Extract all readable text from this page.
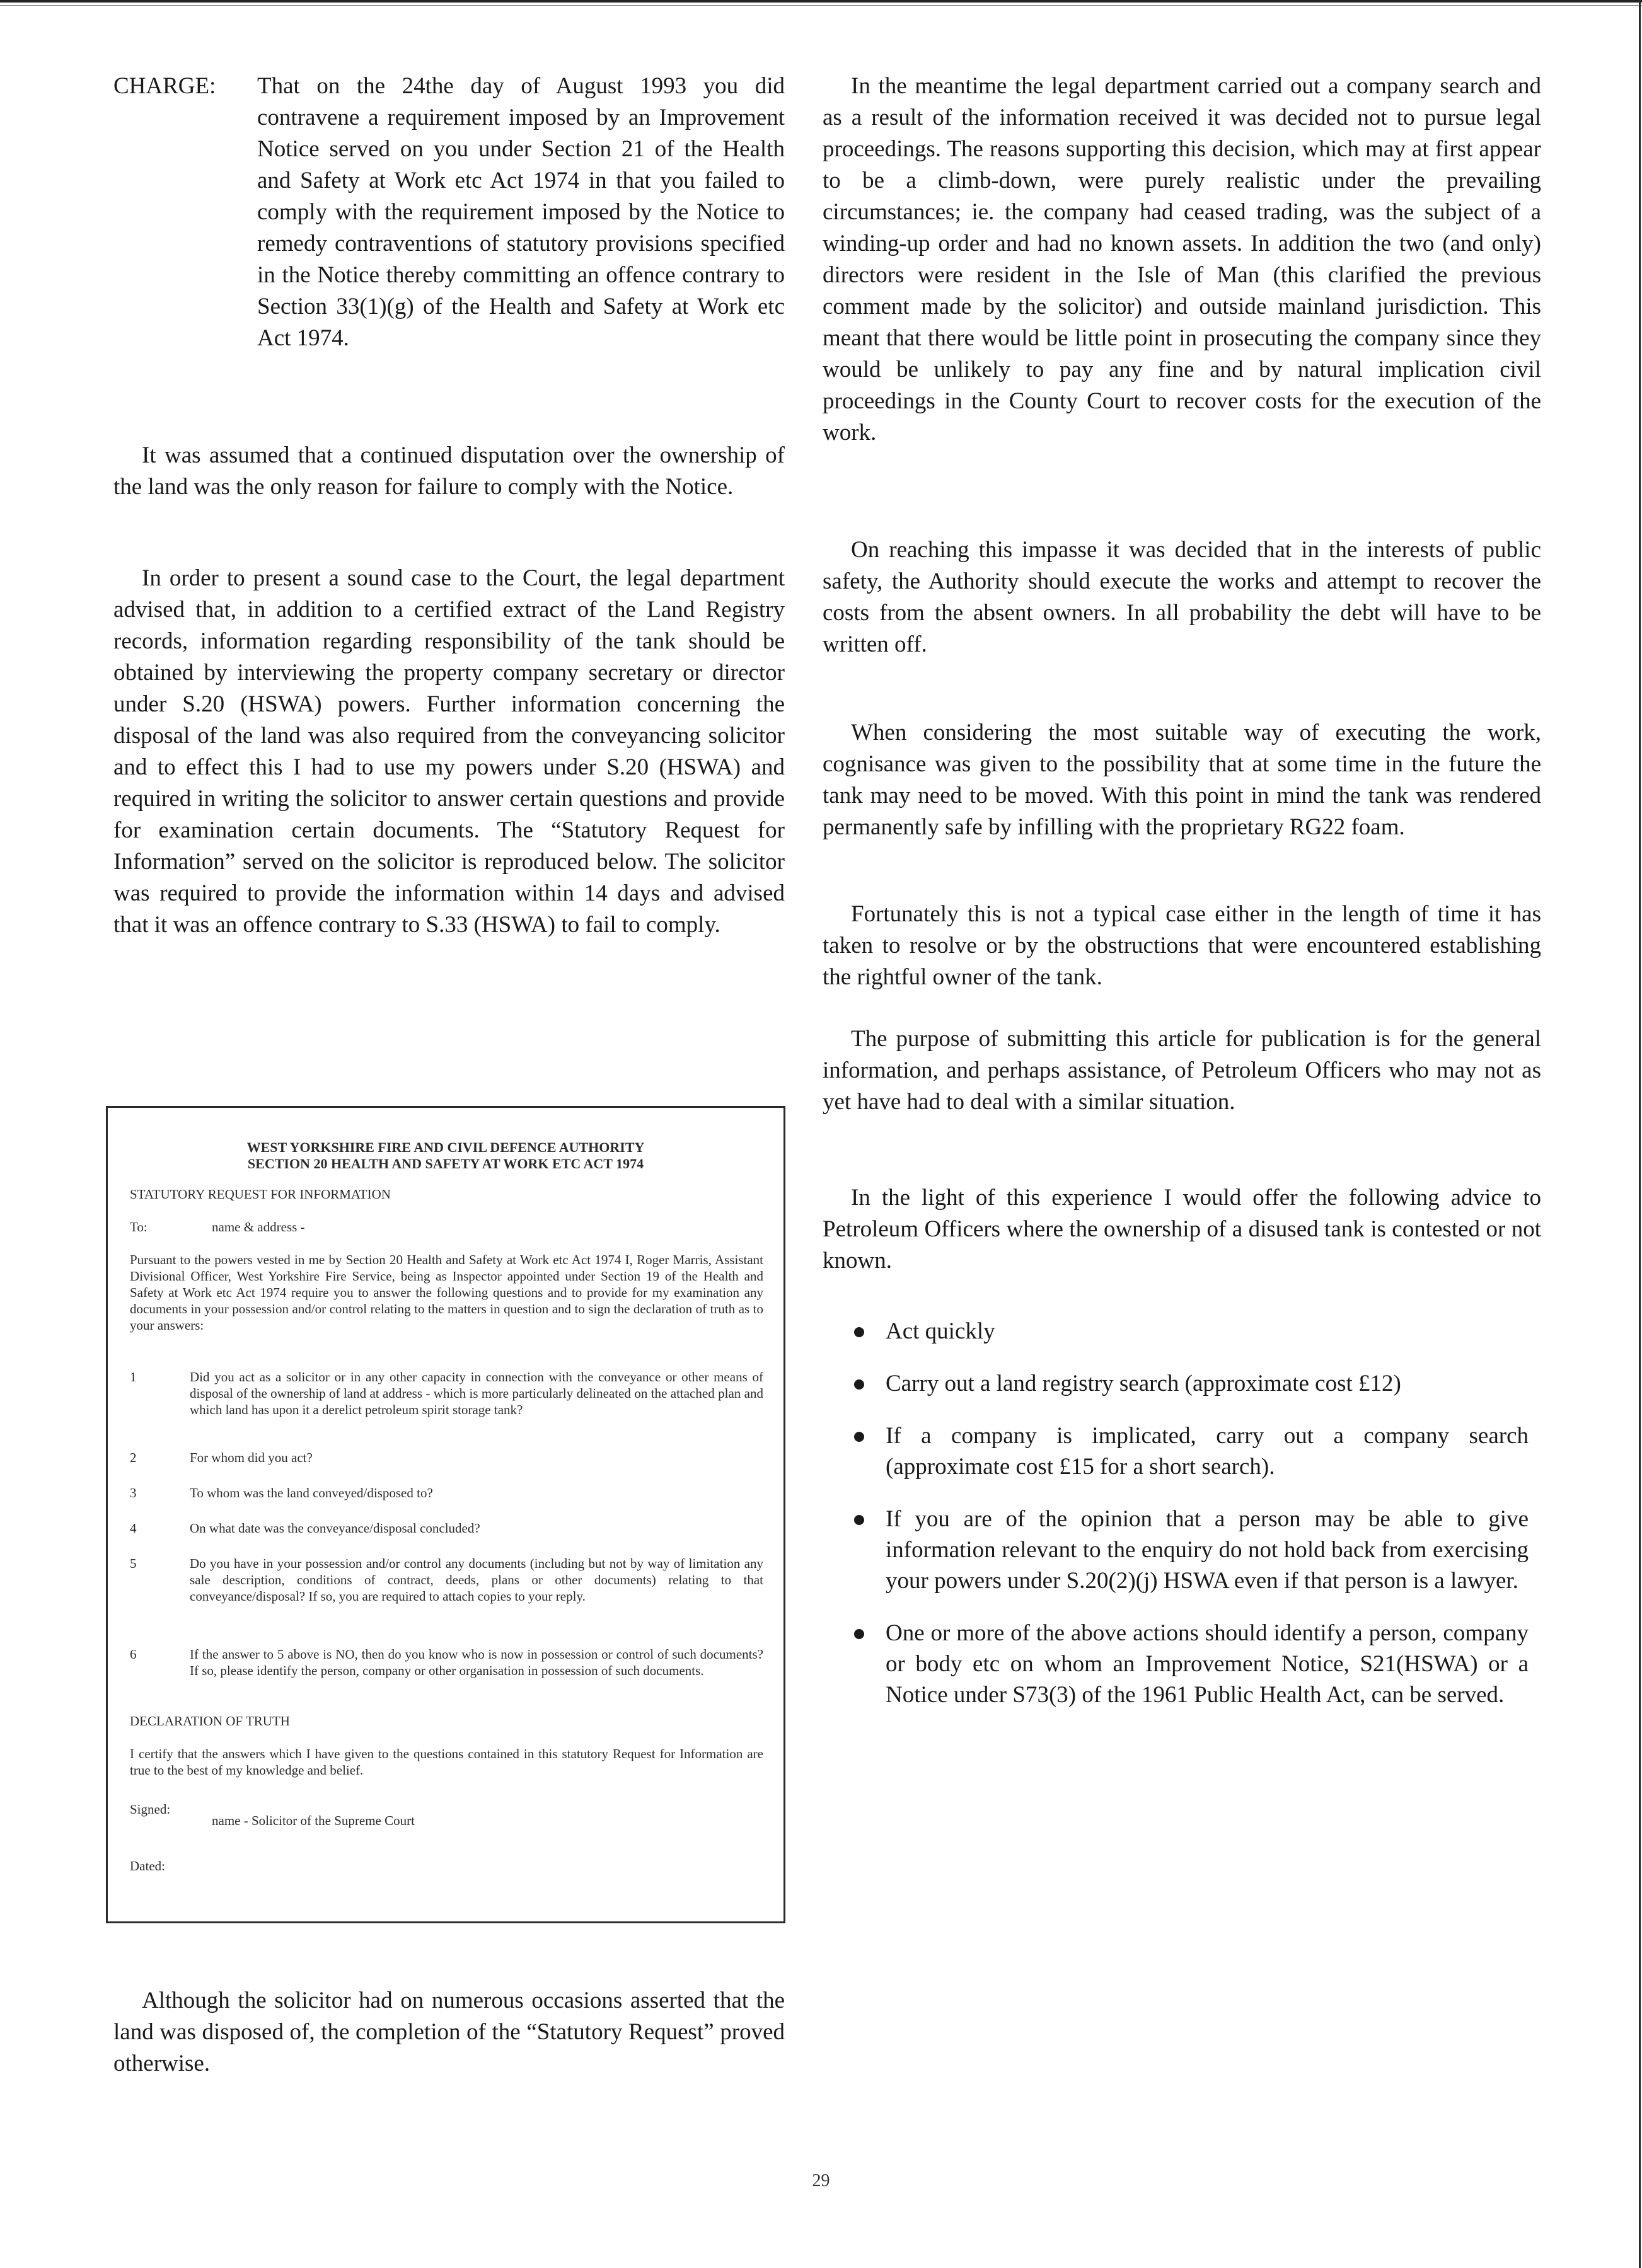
CHARGE:	That on the 24the day of August 1993 you did contravene a requirement imposed by an Improvement Notice served on you under Section 21 of the Health and Safety at Work etc Act 1974 in that you failed to comply with the requirement imposed by the Notice to remedy contraventions of statutory provisions specified in the Notice thereby committing an offence contrary to Section 33(1)(g) of the Health and Safety at Work etc Act 1974.

It was assumed that a continued disputation over the ownership of the land was the only reason for failure to comply with the Notice.

In order to present a sound case to the Court, the legal department advised that, in addition to a certified extract of the Land Registry records, information regarding responsibility of the tank should be obtained by interviewing the property company secretary or director under S.20 (HSWA) powers. Further information concerning the disposal of the land was also required from the conveyancing solicitor and to effect this I had to use my powers under S.20 (HSWA) and required in writing the solicitor to answer certain questions and provide for examination certain documents. The “Statutory Request for Information” served on the solicitor is reproduced below. The solicitor was required to provide the information within 14 days and advised that it was an offence contrary to S.33 (HSWA) to fail to comply.

WEST YORKSHIRE FIRE AND CIVIL DEFENCE AUTHORITY
SECTION 20 HEALTH AND SAFETY AT WORK ETC ACT 1974
STATUTORY REQUEST FOR INFORMATION
To:	name & address -
Pursuant to the powers vested in me by Section 20 Health and Safety at Work etc Act 1974 I, Roger Marris, Assistant Divisional Officer, West Yorkshire Fire Service, being as Inspector appointed under Section 19 of the Health and Safety at Work etc Act 1974 require you to answer the following questions and to provide for my examination any documents in your possession and/or control relating to the matters in question and to sign the declaration of truth as to your answers:
1	Did you act as a solicitor or in any other capacity in connection with the conveyance or other means of disposal of the ownership of land at address - which is more particularly delineated on the attached plan and which land has upon it a derelict petroleum spirit storage tank?
2	For whom did you act?
3	To whom was the land conveyed/disposed to?
4	On what date was the conveyance/disposal concluded?
5	Do you have in your possession and/or control any documents (including but not by way of limitation any sale description, conditions of contract, deeds, plans or other documents) relating to that conveyance/disposal? If so, you are required to attach copies to your reply.
6	If the answer to 5 above is NO, then do you know who is now in possession or control of such documents? If so, please identify the person, company or other organisation in possession of such documents.
DECLARATION OF TRUTH
I certify that the answers which I have given to the questions contained in this statutory Request for Information are true to the best of my knowledge and belief.
Signed:
name - Solicitor of the Supreme Court
Dated:

Although the solicitor had on numerous occasions asserted that the land was disposed of, the completion of the “Statutory Request” proved otherwise.

In the meantime the legal department carried out a company search and as a result of the information received it was decided not to pursue legal proceedings. The reasons supporting this decision, which may at first appear to be a climb-down, were purely realistic under the prevailing circumstances; ie. the company had ceased trading, was the subject of a winding-up order and had no known assets. In addition the two (and only) directors were resident in the Isle of Man (this clarified the previous comment made by the solicitor) and outside mainland jurisdiction. This meant that there would be little point in prosecuting the company since they would be unlikely to pay any fine and by natural implication civil proceedings in the County Court to recover costs for the execution of the work.

On reaching this impasse it was decided that in the interests of public safety, the Authority should execute the works and attempt to recover the costs from the absent owners. In all probability the debt will have to be written off.

When considering the most suitable way of executing the work, cognisance was given to the possibility that at some time in the future the tank may need to be moved. With this point in mind the tank was rendered permanently safe by infilling with the proprietary RG22 foam.

Fortunately this is not a typical case either in the length of time it has taken to resolve or by the obstructions that were encountered establishing the rightful owner of the tank.

The purpose of submitting this article for publication is for the general information, and perhaps assistance, of Petroleum Officers who may not as yet have had to deal with a similar situation.

In the light of this experience I would offer the following advice to Petroleum Officers where the ownership of a disused tank is contested or not known.

Act quickly
Carry out a land registry search (approximate cost £12)
If a company is implicated, carry out a company search (approximate cost £15 for a short search).
If you are of the opinion that a person may be able to give information relevant to the enquiry do not hold back from exercising your powers under S.20(2)(j) HSWA even if that person is a lawyer.
One or more of the above actions should identify a person, company or body etc on whom an Improvement Notice, S21(HSWA) or a Notice under S73(3) of the 1961 Public Health Act, can be served.
29
